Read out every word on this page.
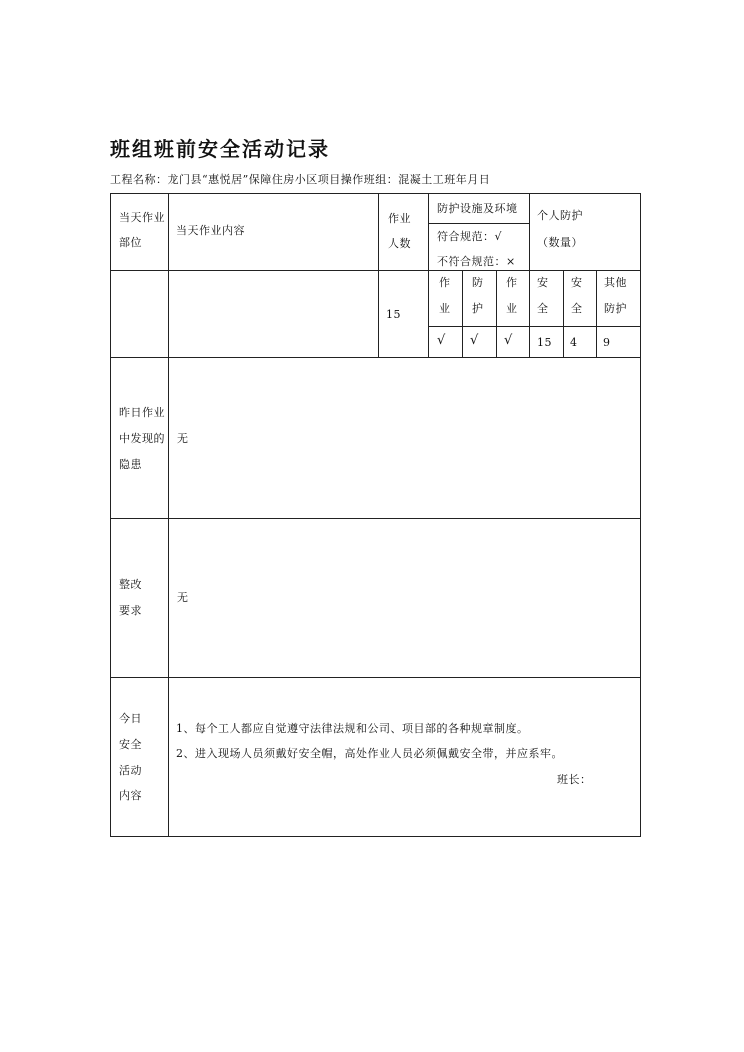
班组班前安全活动记录
工程名称：龙门县“惠悦居”保障住房小区项目操作班组：混凝土工班年月日
当天作业
部位
当天作业内容
作业
人数
防护设施及环境
符合规范：√
不符合规范：×
个人防护
（数量）
作
业
防
护
作
业
安
全
安
全
其他
防护
15
√ √ √ 15 4 9
昨日作业
中发现的
隐患
无
整改
要求
无
今日
安全
活动
内容
1、每个工人都应自觉遵守法律法规和公司、项目部的各种规章制度。
2、进入现场人员须戴好安全帽，高处作业人员必须佩戴安全带，并应系牢。
班长：
